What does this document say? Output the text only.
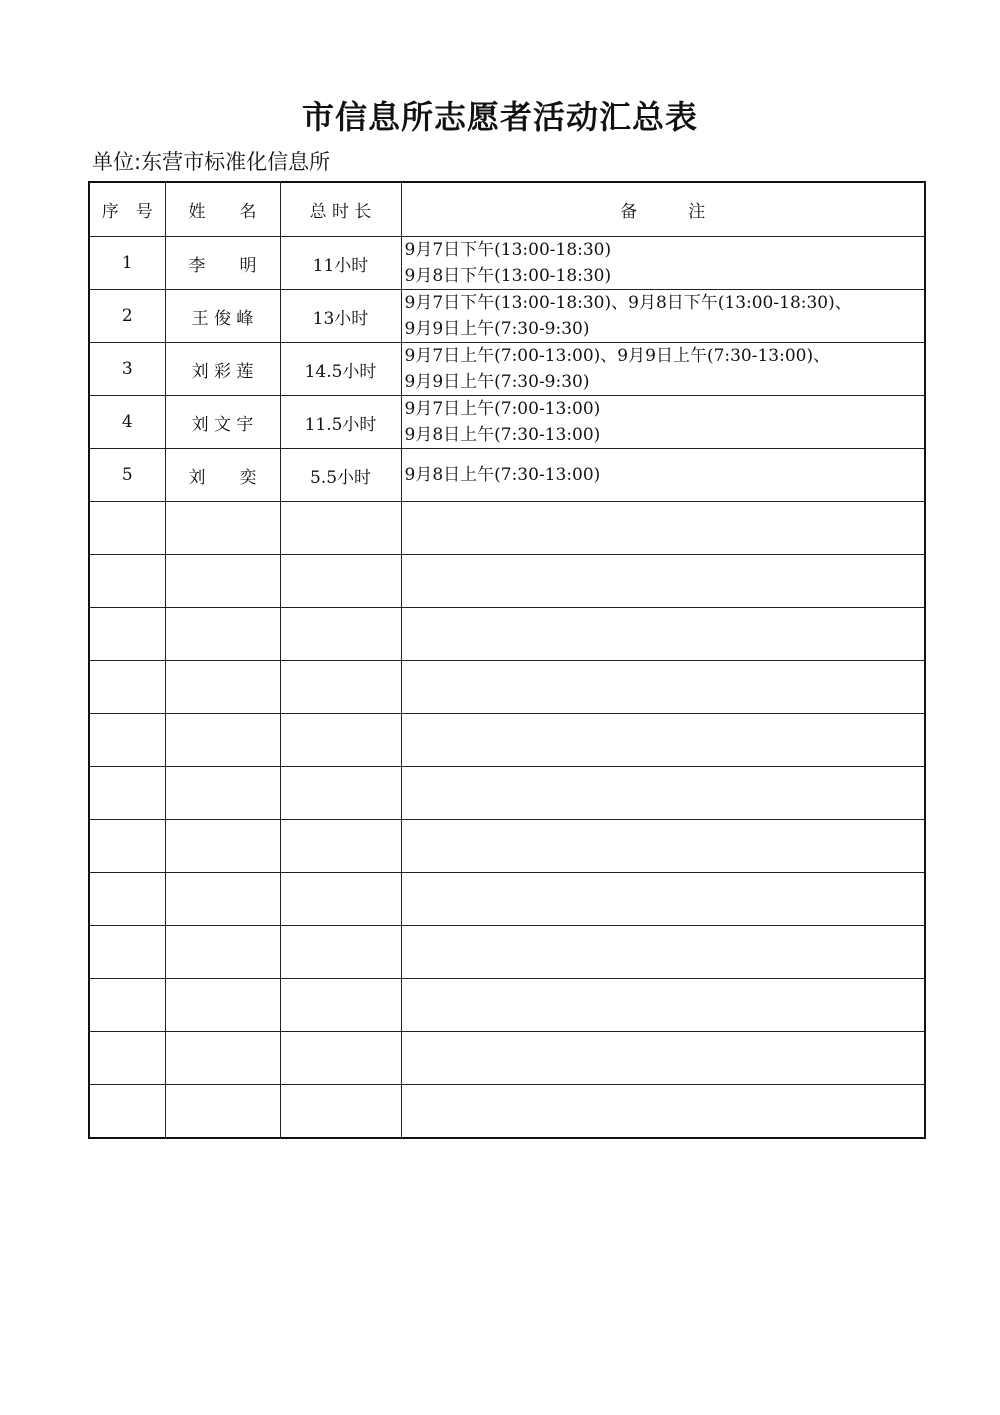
市信息所志愿者活动汇总表
单位:东营市标准化信息所
序　号	姓　　名	总 时 长	备　　　注
1	李　　明	11小时	9月7日下午(13:00-18:30)
9月8日下午(13:00-18:30)

2	王 俊 峰	13小时	9月7日下午(13:00-18:30)、9月8日下午(13:00-18:30)、
9月9日上午(7:30-9:30)

3	刘 彩 莲	14.5小时	9月7日上午(7:00-13:00)、9月9日上午(7:30-13:00)、
9月9日上午(7:30-9:30)

4	刘 文 宇	11.5小时	9月7日上午(7:00-13:00)
9月8日上午(7:30-13:00)

5	刘　　奕	5.5小时	9月8日上午(7:30-13:00)
